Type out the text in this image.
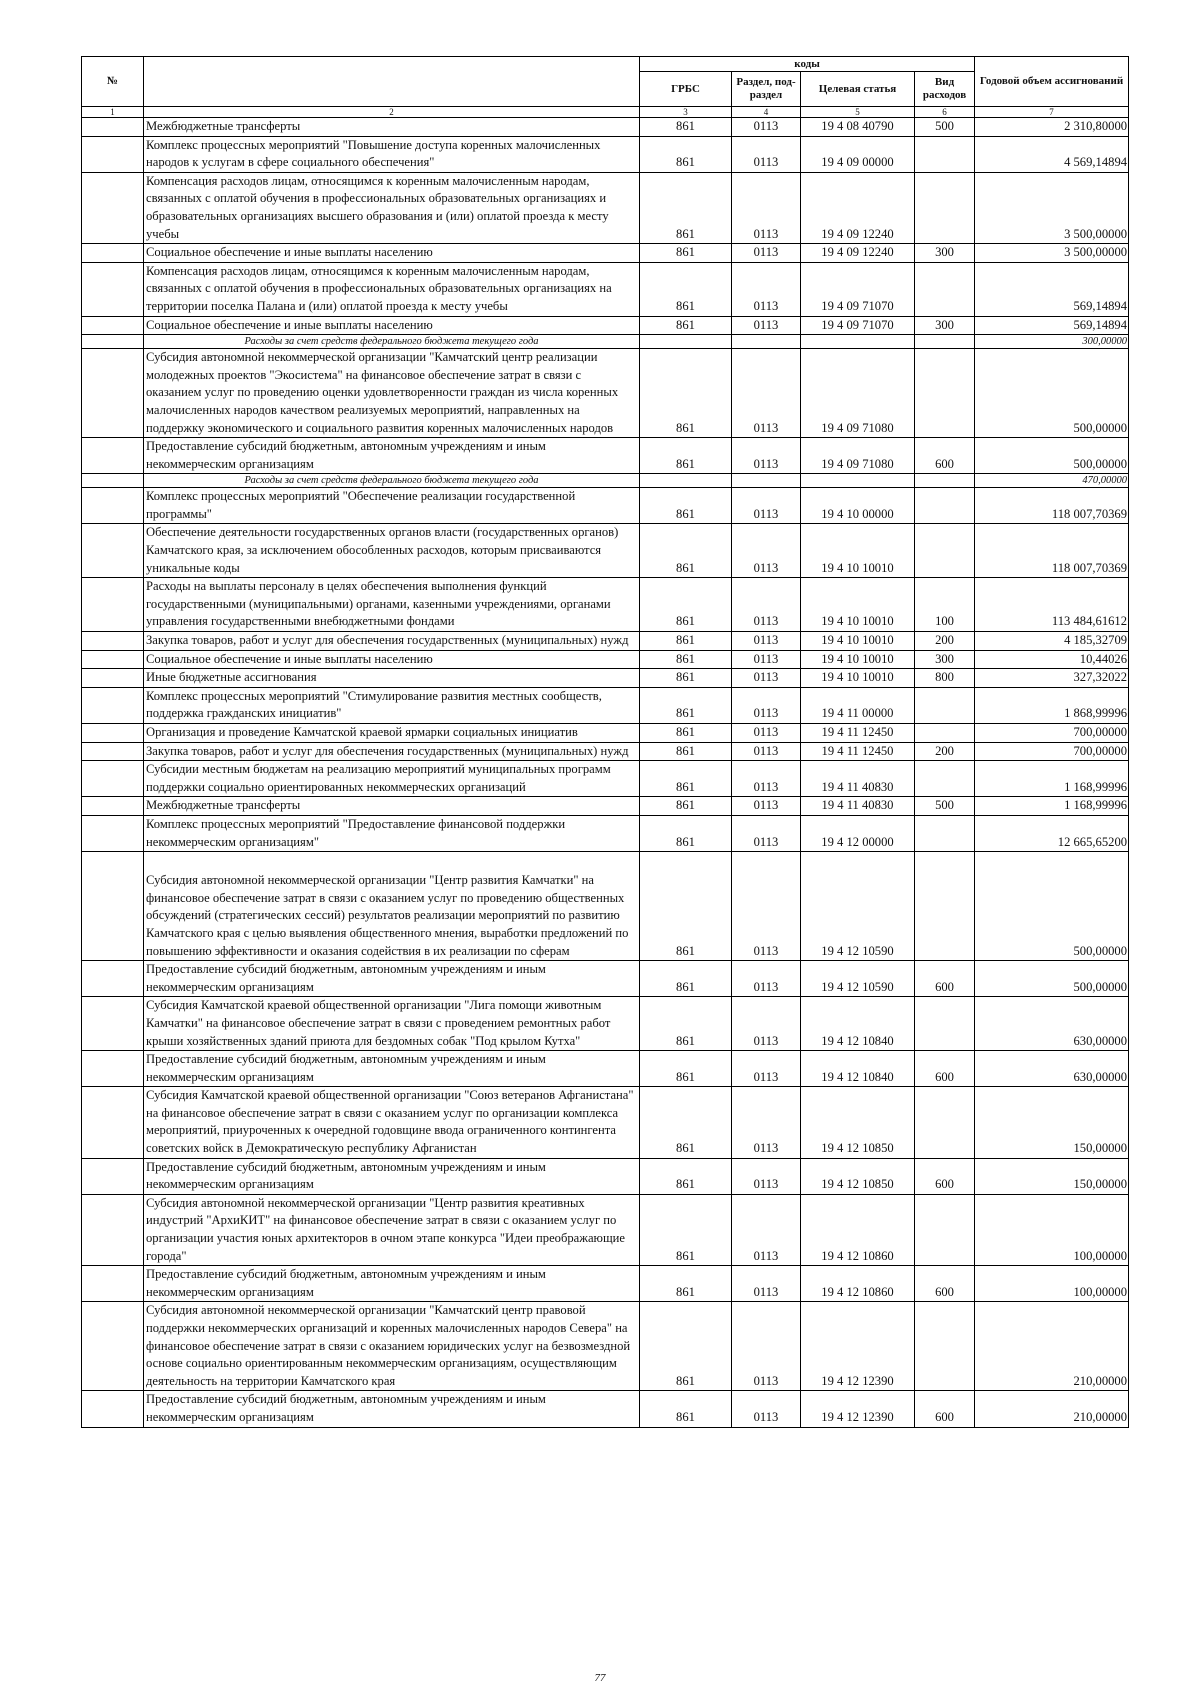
№		коды				Годовой объем ассигнований
		ГРБС	Раздел, под-раздел	Целевая статья	Вид расходов	
1	2	3	4	5	6	7
	Межбюджетные трансферты	861	0113	19 4 08 40790	500	2 310,80000
	Комплекс процессных мероприятий "Повышение доступа коренных малочисленных народов к услугам в сфере социального обеспечения"	861	0113	19 4 09 00000		4 569,14894
	Компенсация расходов лицам, относящимся к коренным малочисленным народам, связанных с оплатой обучения в профессиональных образовательных организациях и образовательных организациях высшего образования и (или) оплатой проезда к месту учебы	861	0113	19 4 09 12240		3 500,00000
	Социальное обеспечение и иные выплаты населению	861	0113	19 4 09 12240	300	3 500,00000
	Компенсация расходов лицам, относящимся к коренным малочисленным народам, связанных с оплатой обучения в профессиональных образовательных организациях на территории поселка Палана и (или) оплатой проезда к месту учебы	861	0113	19 4 09 71070		569,14894
	Социальное обеспечение и иные выплаты населению	861	0113	19 4 09 71070	300	569,14894
	Расходы за счет средств федерального бюджета текущего года					300,00000
	Субсидия автономной некоммерческой организации "Камчатский центр реализации молодежных проектов "Экосистема" на финансовое обеспечение затрат в связи с оказанием услуг по проведению оценки удовлетворенности граждан из числа коренных малочисленных народов качеством реализуемых мероприятий, направленных на поддержку экономического и социального развития коренных малочисленных народов	861	0113	19 4 09 71080		500,00000
	Предоставление субсидий бюджетным, автономным учреждениям и иным некоммерческим организациям	861	0113	19 4 09 71080	600	500,00000
	Расходы за счет средств федерального бюджета текущего года					470,00000
	Комплекс процессных мероприятий "Обеспечение реализации государственной программы"	861	0113	19 4 10 00000		118 007,70369
	Обеспечение деятельности государственных органов власти (государственных органов) Камчатского края, за исключением обособленных расходов, которым присваиваются уникальные коды	861	0113	19 4 10 10010		118 007,70369
	Расходы на выплаты персоналу в целях обеспечения выполнения функций государственными (муниципальными) органами, казенными учреждениями, органами управления государственными внебюджетными фондами	861	0113	19 4 10 10010	100	113 484,61612
	Закупка товаров, работ и услуг для обеспечения государственных (муниципальных) нужд	861	0113	19 4 10 10010	200	4 185,32709
	Социальное обеспечение и иные выплаты населению	861	0113	19 4 10 10010	300	10,44026
	Иные бюджетные ассигнования	861	0113	19 4 10 10010	800	327,32022
	Комплекс процессных мероприятий "Стимулирование развития местных сообществ, поддержка гражданских инициатив"	861	0113	19 4 11 00000		1 868,99996
	Организация и проведение Камчатской краевой ярмарки социальных инициатив	861	0113	19 4 11 12450		700,00000
	Закупка товаров, работ и услуг для обеспечения государственных (муниципальных) нужд	861	0113	19 4 11 12450	200	700,00000
	Субсидии местным бюджетам на реализацию мероприятий муниципальных программ поддержки социально ориентированных некоммерческих организаций	861	0113	19 4 11 40830		1 168,99996
	Межбюджетные трансферты	861	0113	19 4 11 40830	500	1 168,99996
	Комплекс процессных мероприятий "Предоставление финансовой поддержки некоммерческим организациям"	861	0113	19 4 12 00000		12 665,65200
	Субсидия автономной некоммерческой организации "Центр развития Камчатки" на финансовое обеспечение затрат в связи с оказанием услуг по проведению общественных обсуждений (стратегических сессий) результатов реализации мероприятий по развитию Камчатского края с целью выявления общественного мнения, выработки предложений по повышению эффективности и оказания содействия в их реализации по сферам	861	0113	19 4 12 10590		500,00000
	Предоставление субсидий бюджетным, автономным учреждениям и иным некоммерческим организациям	861	0113	19 4 12 10590	600	500,00000
	Субсидия Камчатской краевой общественной организации "Лига помощи животным Камчатки" на финансовое обеспечение затрат в связи с проведением ремонтных работ крыши хозяйственных зданий приюта для бездомных собак "Под крылом Кутха"	861	0113	19 4 12 10840		630,00000
	Предоставление субсидий бюджетным, автономным учреждениям и иным некоммерческим организациям	861	0113	19 4 12 10840	600	630,00000
	Субсидия Камчатской краевой общественной организации "Союз ветеранов Афганистана" на финансовое обеспечение затрат в связи с оказанием услуг по организации комплекса мероприятий, приуроченных к очередной годовщине ввода ограниченного контингента советских войск в Демократическую республику Афганистан	861	0113	19 4 12 10850		150,00000
	Предоставление субсидий бюджетным, автономным учреждениям и иным некоммерческим организациям	861	0113	19 4 12 10850	600	150,00000
	Субсидия автономной некоммерческой организации "Центр развития креативных индустрий "АрхиКИТ" на финансовое обеспечение затрат в связи с оказанием услуг по организации участия юных архитекторов в очном этапе конкурса "Идеи преображающие города"	861	0113	19 4 12 10860		100,00000
	Предоставление субсидий бюджетным, автономным учреждениям и иным некоммерческим организациям	861	0113	19 4 12 10860	600	100,00000
	Субсидия автономной некоммерческой организации "Камчатский центр правовой поддержки некоммерческих организаций и коренных малочисленных народов Севера" на финансовое обеспечение затрат в связи с оказанием юридических услуг на безвозмездной основе социально ориентированным некоммерческим организациям, осуществляющим деятельность на территории Камчатского края	861	0113	19 4 12 12390		210,00000
	Предоставление субсидий бюджетным, автономным учреждениям и иным некоммерческим организациям	861	0113	19 4 12 12390	600	210,00000
77
